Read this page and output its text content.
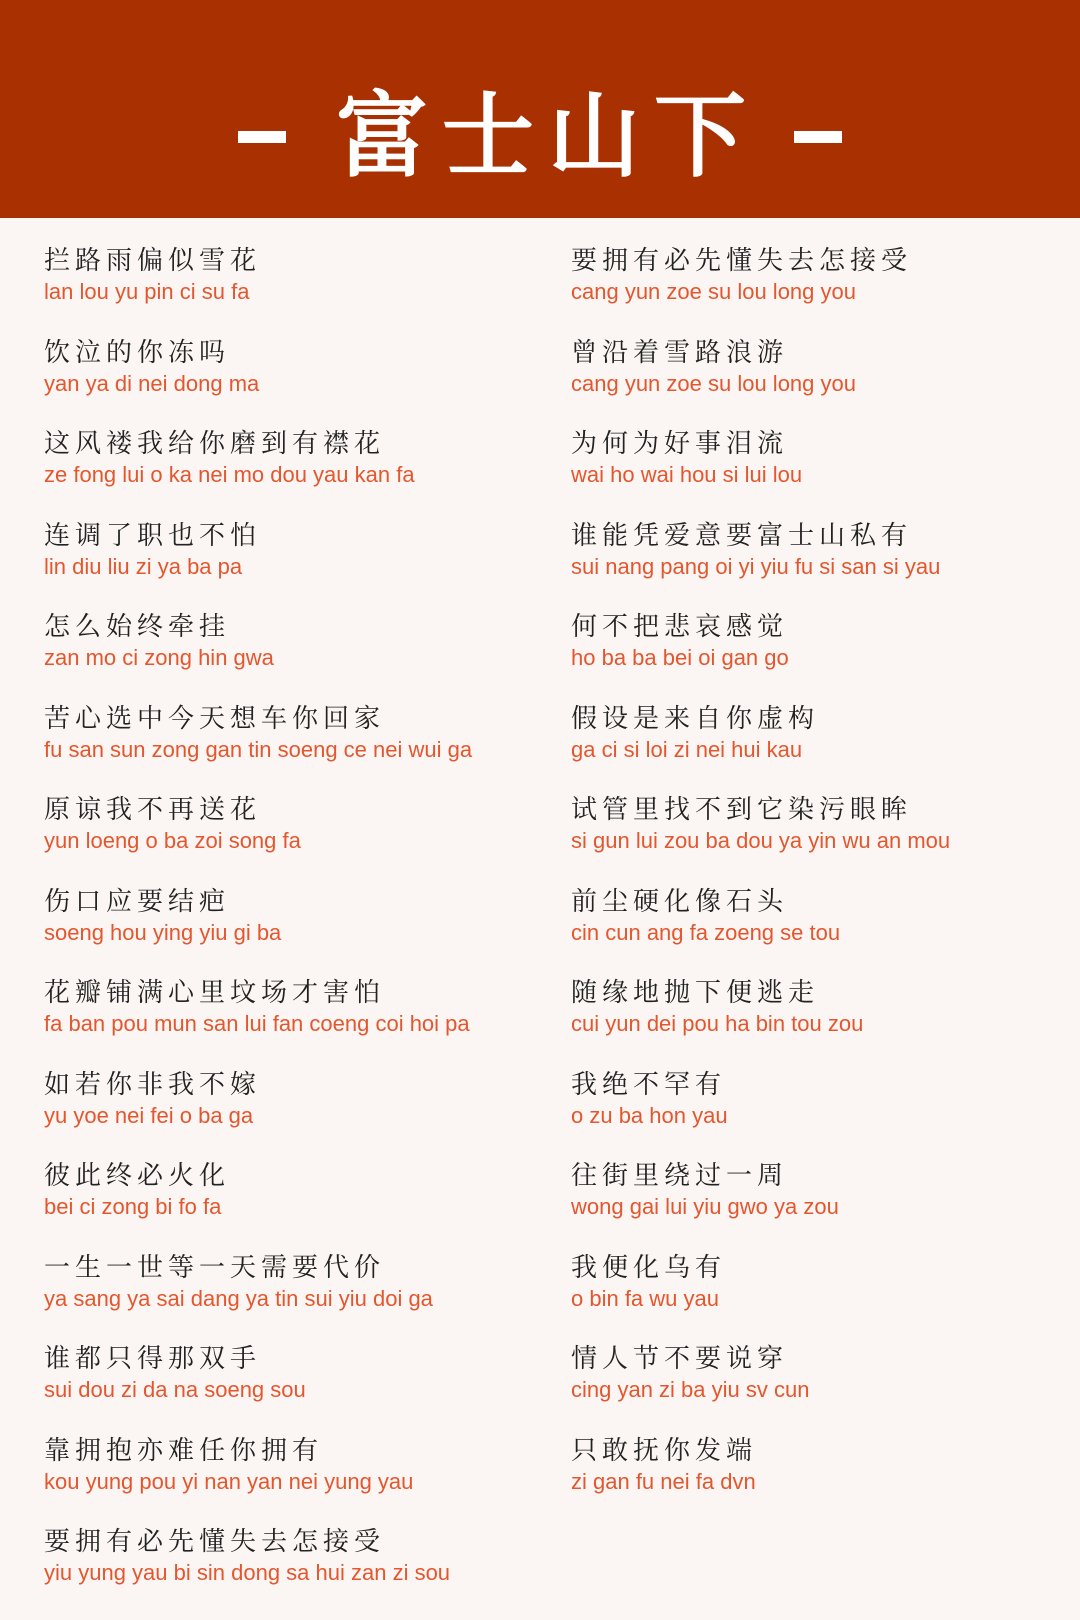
富士山下
拦路雨偏似雪花
lan lou yu pin ci su fa
饮泣的你冻吗
yan ya di nei dong ma
这风褛我给你磨到有襟花
ze fong lui o ka nei mo dou yau kan fa
连调了职也不怕
lin diu liu zi ya ba pa
怎么始终牵挂
zan mo ci zong hin gwa
苦心选中今天想车你回家
fu san sun zong gan tin soeng ce nei wui ga
原谅我不再送花
yun loeng o ba zoi song fa
伤口应要结疤
soeng hou ying yiu gi ba
花瓣铺满心里坟场才害怕
fa ban pou mun san lui fan coeng coi hoi pa
如若你非我不嫁
yu yoe nei fei o ba ga
彼此终必火化
bei ci zong bi fo fa
一生一世等一天需要代价
ya sang ya sai dang ya tin sui yiu doi ga
谁都只得那双手
sui dou zi da na soeng sou
靠拥抱亦难任你拥有
kou yung pou yi nan yan nei yung yau
要拥有必先懂失去怎接受
yiu yung yau bi sin dong sa hui zan zi sou
要拥有必先懂失去怎接受
cang yun zoe su lou long you
曾沿着雪路浪游
cang yun zoe su lou long you
为何为好事泪流
wai ho wai hou si lui lou
谁能凭爱意要富士山私有
sui nang pang oi yi yiu fu si san si yau
何不把悲哀感觉
ho ba ba bei oi gan go
假设是来自你虚构
ga ci si loi zi nei hui kau
试管里找不到它染污眼眸
si gun lui zou ba dou ya yin wu an mou
前尘硬化像石头
cin cun ang fa zoeng se tou
随缘地抛下便逃走
cui yun dei pou ha bin tou zou
我绝不罕有
o zu ba hon yau
往街里绕过一周
wong gai lui yiu gwo ya zou
我便化乌有
o bin fa wu yau
情人节不要说穿
cing yan zi ba yiu sv cun
只敢抚你发端
zi gan fu nei fa dvn
